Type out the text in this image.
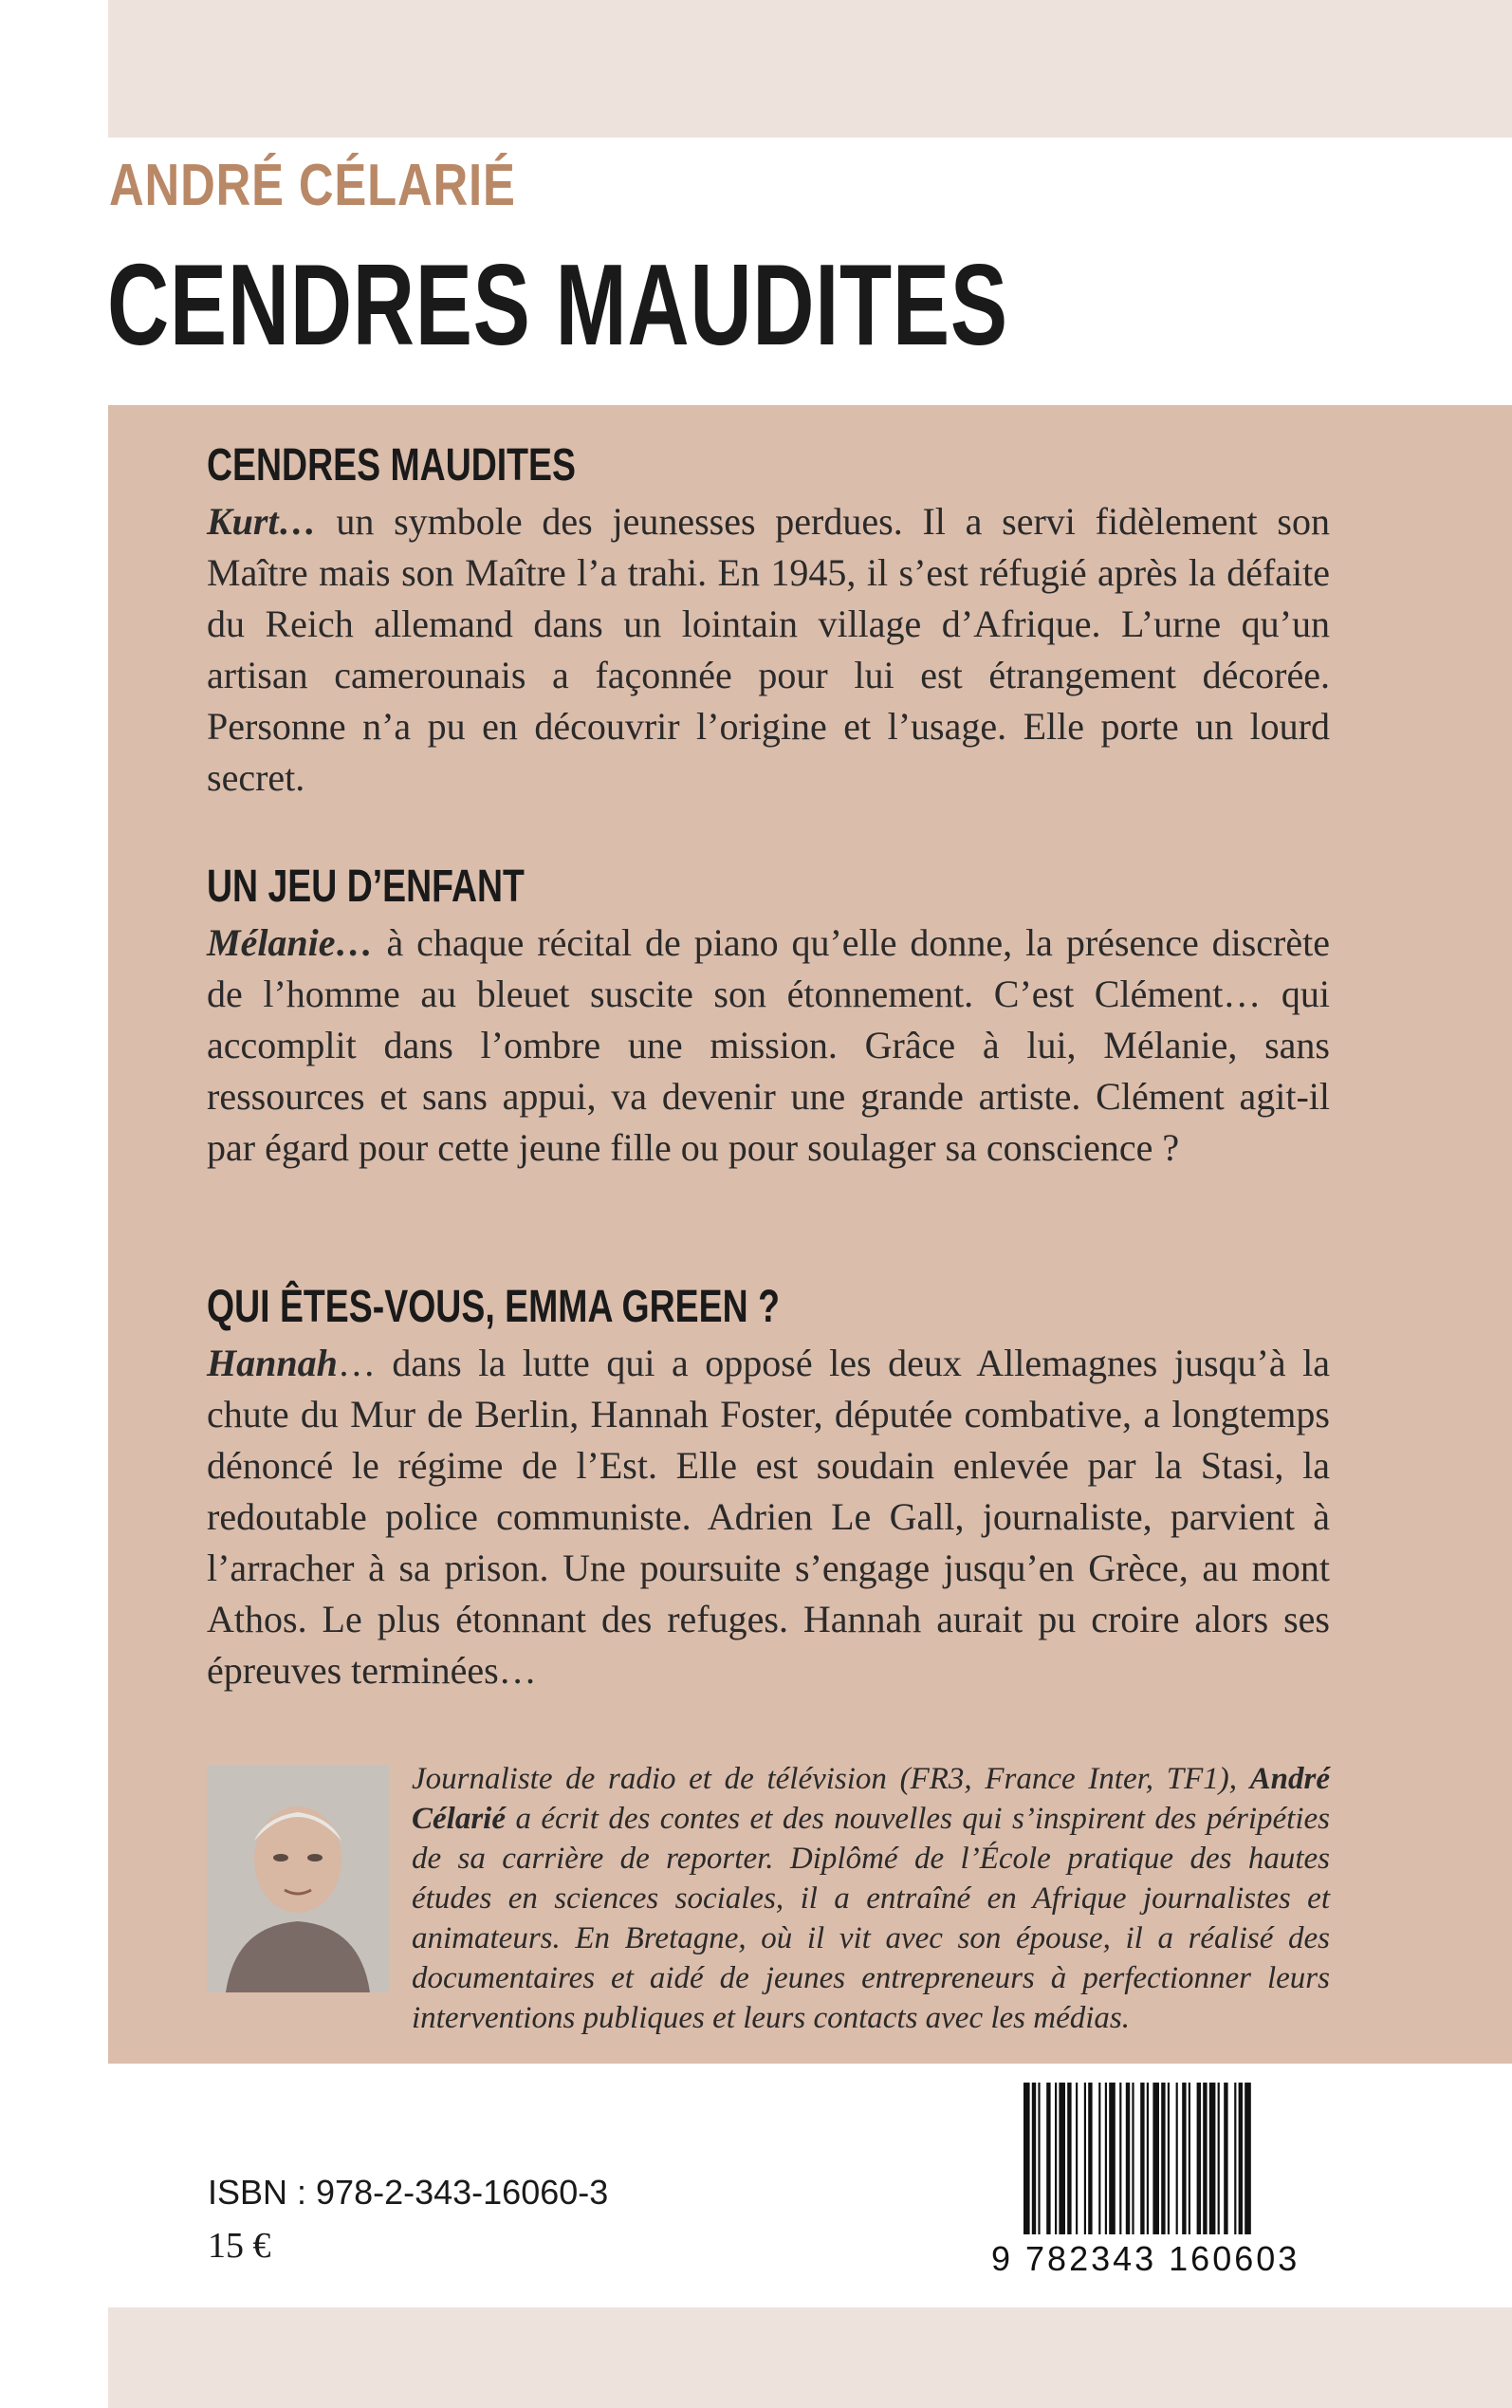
ANDRÉ CÉLARIÉ
CENDRES MAUDITES
CENDRES MAUDITES
Kurt… un symbole des jeunesses perdues. Il a servi fidèlement son Maître mais son Maître l’a trahi. En 1945, il s’est réfugié après la défaite du Reich allemand dans un lointain village d’Afrique. L’urne qu’un artisan camerounais a façonnée pour lui est étrangement décorée. Personne n’a pu en découvrir l’origine et l’usage. Elle porte un lourd secret.
UN JEU D’ENFANT
Mélanie… à chaque récital de piano qu’elle donne, la présence discrète de l’homme au bleuet suscite son étonnement. C’est Clément… qui accomplit dans l’ombre une mission. Grâce à lui, Mélanie, sans ressources et sans appui, va devenir une grande artiste. Clément agit-il par égard pour cette jeune fille ou pour soulager sa conscience ?
QUI ÊTES-VOUS, EMMA GREEN ?
Hannah… dans la lutte qui a opposé les deux Allemagnes jusqu’à la chute du Mur de Berlin, Hannah Foster, députée combative, a longtemps dénoncé le régime de l’Est. Elle est soudain enlevée par la Stasi, la redoutable police communiste. Adrien Le Gall, journaliste, parvient à l’arracher à sa prison. Une poursuite s’engage jusqu’en Grèce, au mont Athos. Le plus étonnant des refuges. Hannah aurait pu croire alors ses épreuves terminées…
Journaliste de radio et de télévision (FR3, France Inter, TF1), André Célarié a écrit des contes et des nouvelles qui s’inspirent des péripéties de sa carrière de reporter. Diplômé de l’École pratique des hautes études en sciences sociales, il a entraîné en Afrique journalistes et animateurs. En Bretagne, où il vit avec son épouse, il a réalisé des documentaires et aidé de jeunes entrepreneurs à perfectionner leurs interventions publiques et leurs contacts avec les médias.
ISBN : 978-2-343-16060-3
15 €	9 782343 160603
